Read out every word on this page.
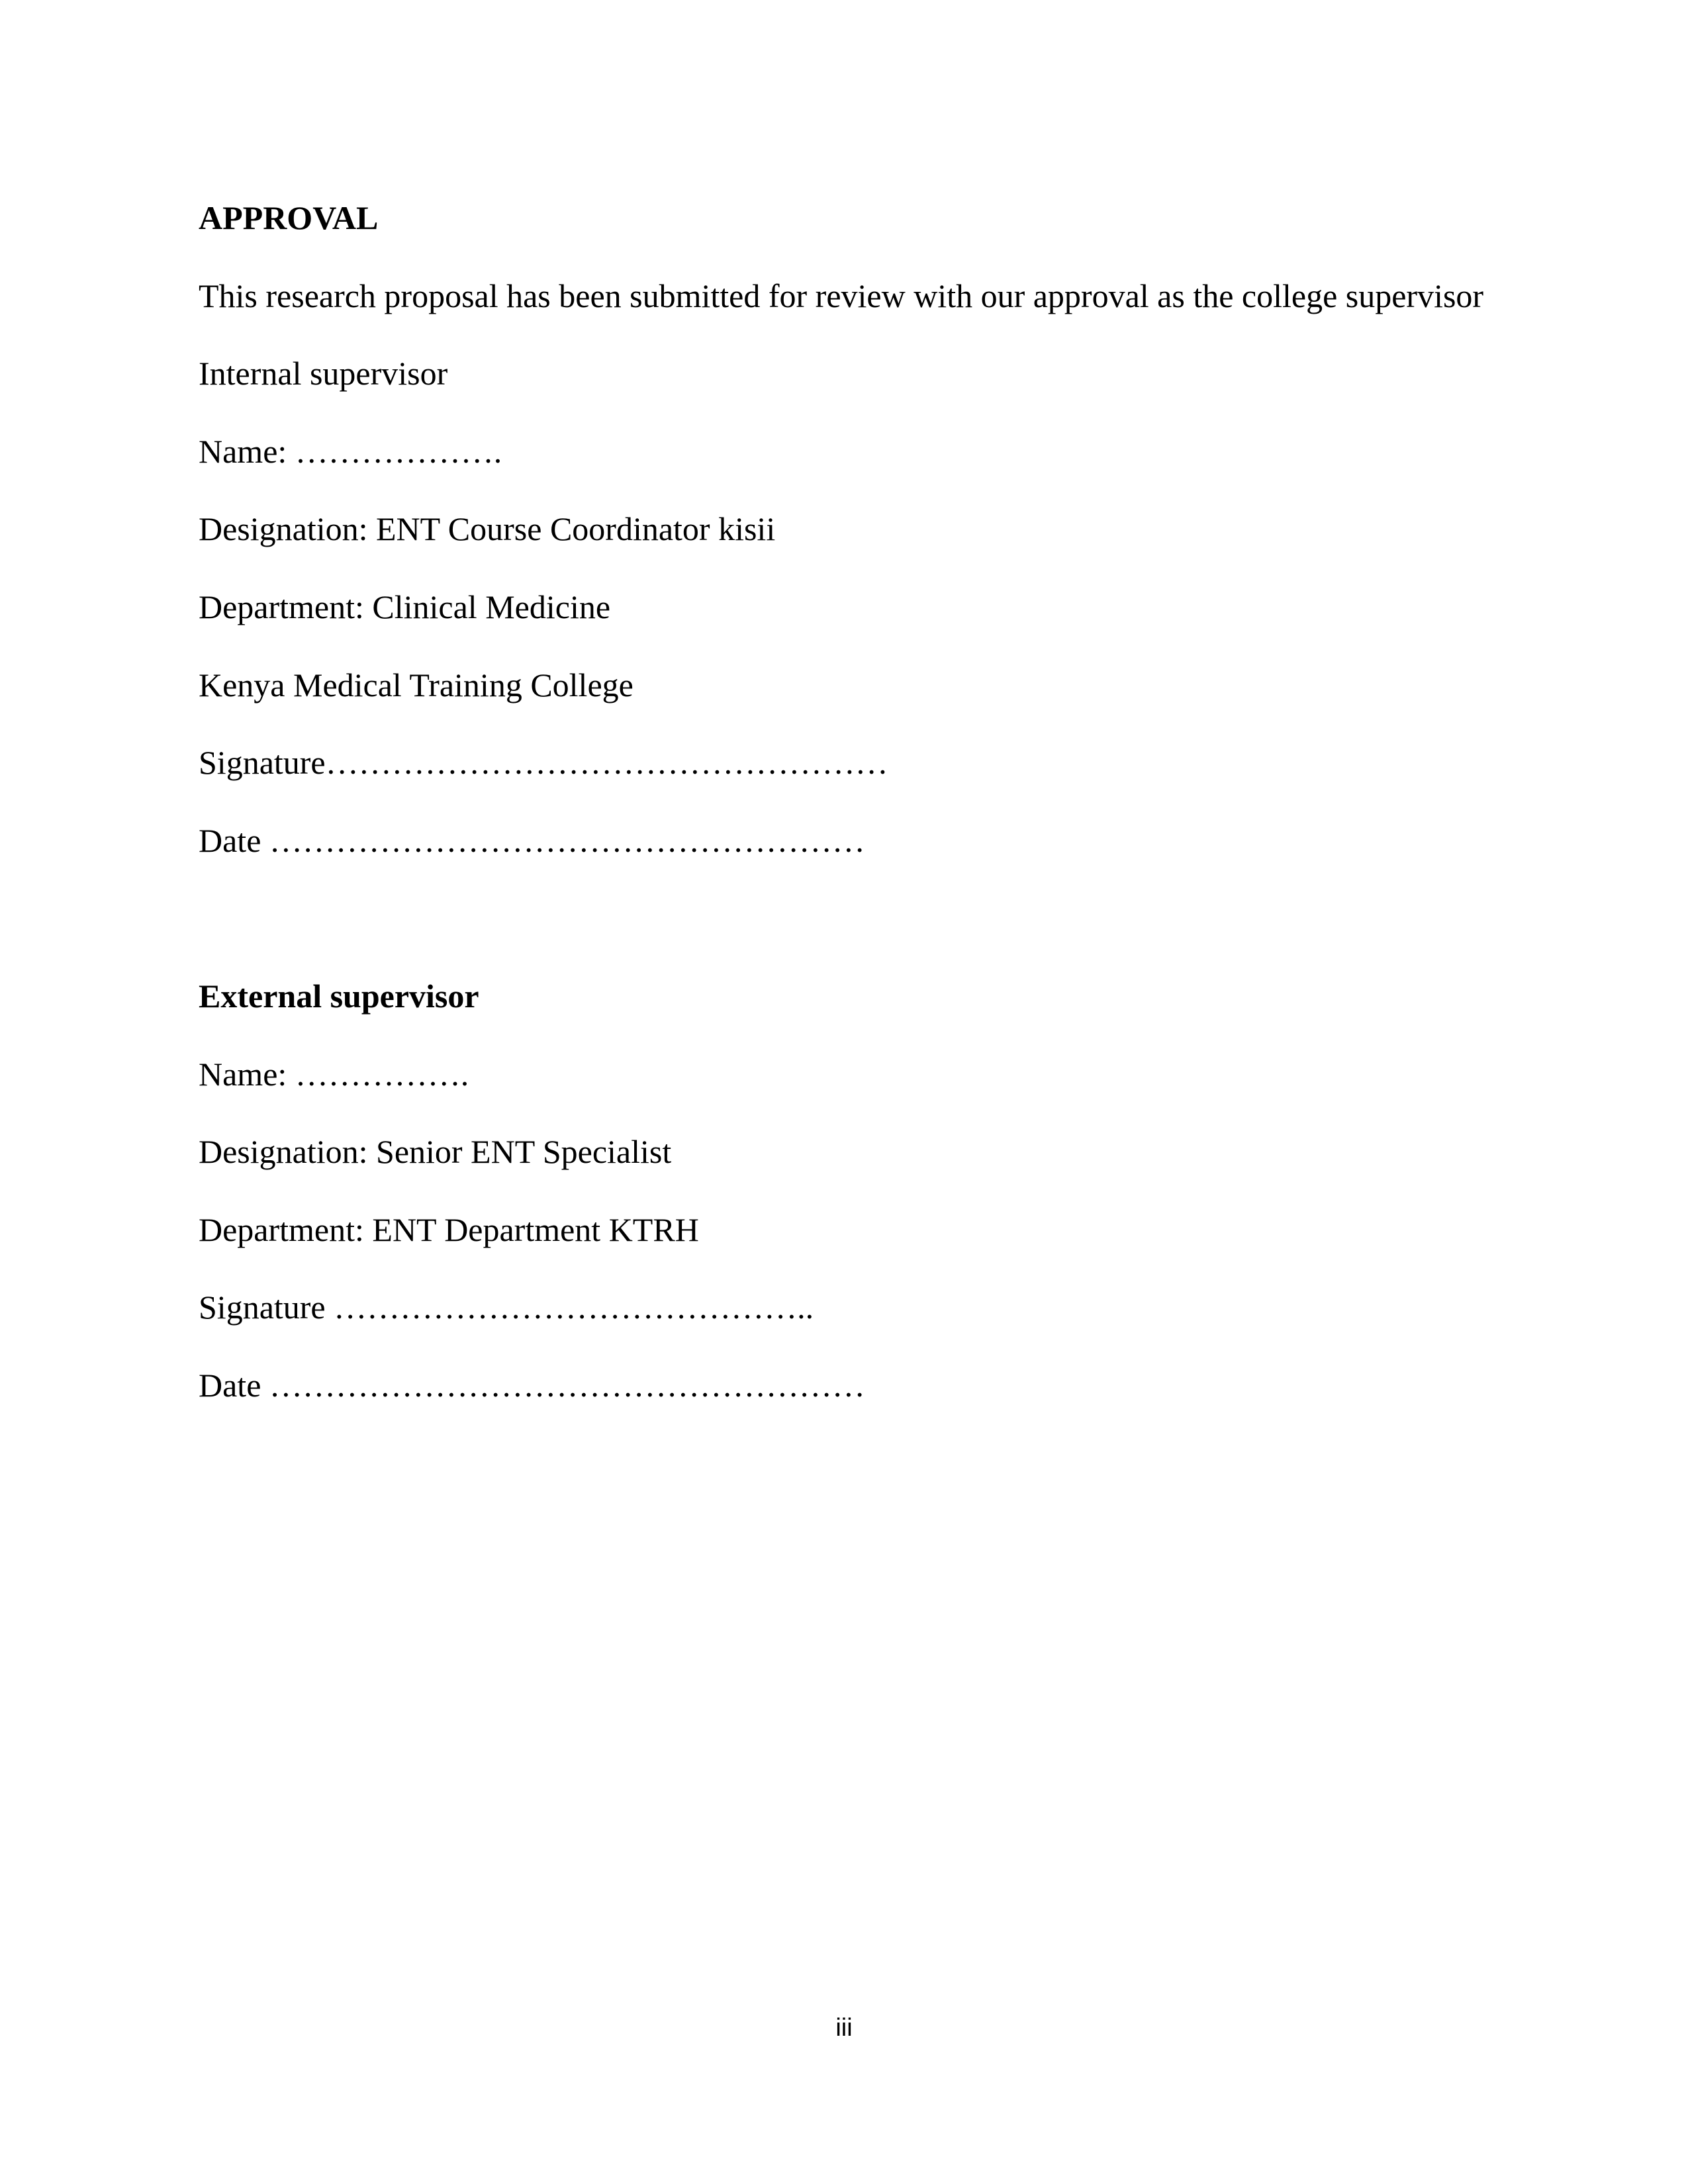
APPROVAL

This research proposal has been submitted for review with our approval as the college supervisor

Internal supervisor

Name: ……………….

Designation: ENT Course Coordinator kisii

Department: Clinical Medicine

Kenya Medical Training College

Signature……………………………………………

Date ………………………………………………

External supervisor

Name: …………….

Designation: Senior ENT Specialist

Department: ENT Department KTRH

Signature ……………………………………..

Date ………………………………………………

iii
